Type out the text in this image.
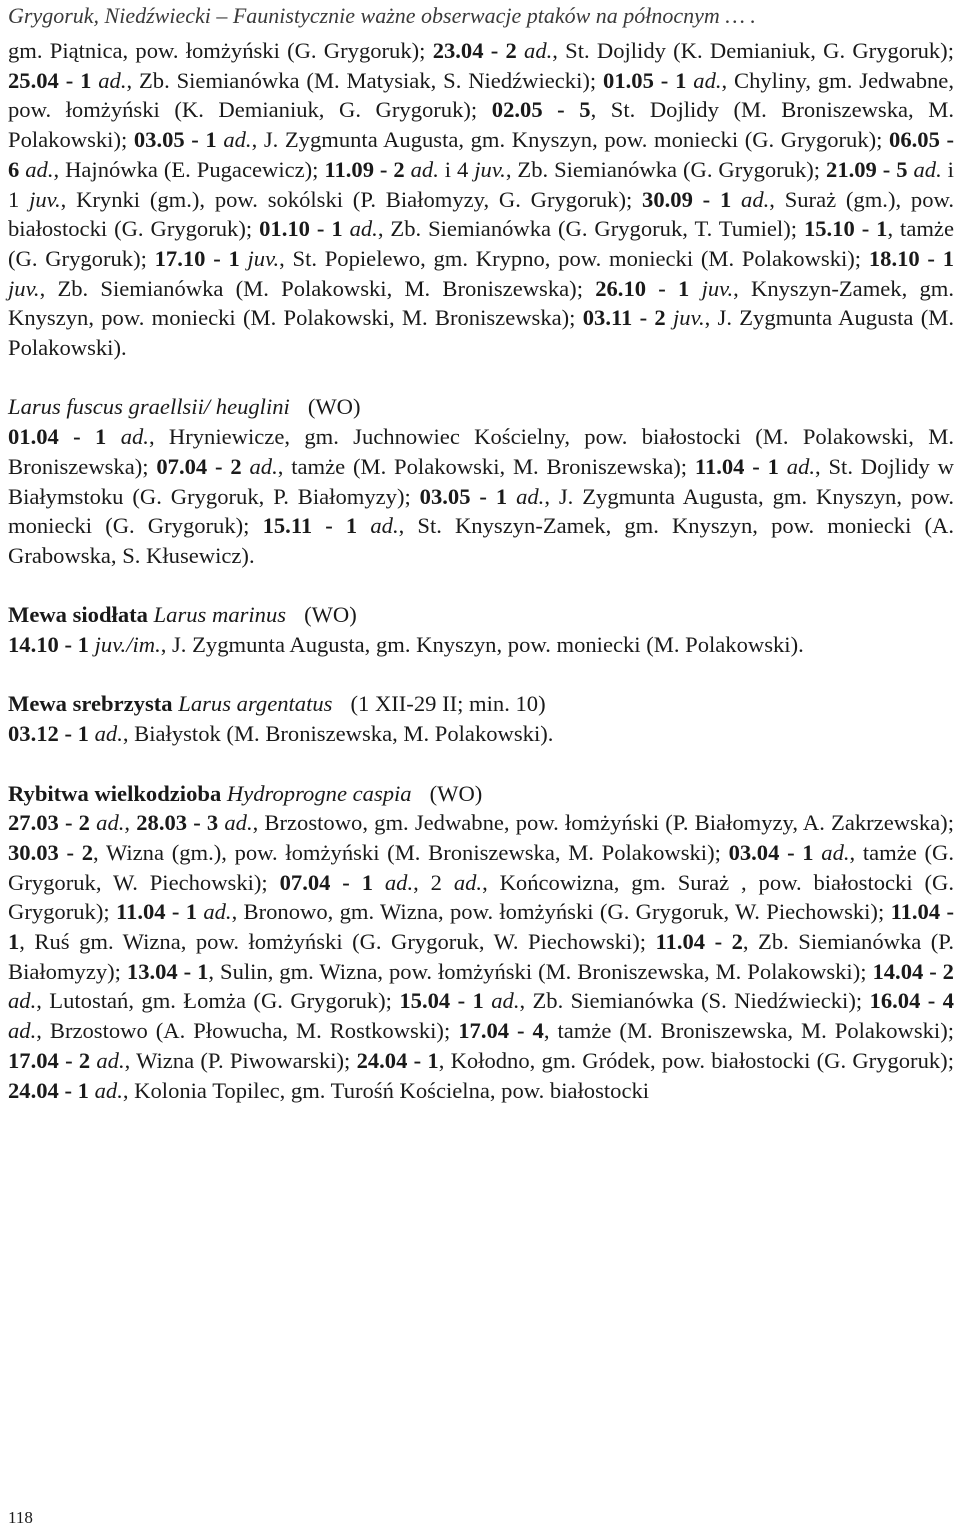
Grygoruk, Niedźwiecki – Faunistycznie ważne obserwacje ptaków na północnym … .

gm. Piątnica, pow. łomżyński (G. Grygoruk); 23.04 - 2 ad., St. Dojlidy (K. Demianiuk, G. Grygoruk); 25.04 - 1 ad., Zb. Siemianówka (M. Matysiak, S. Niedźwiecki); 01.05 - 1 ad., Chyliny, gm. Jedwabne, pow. łomżyński (K. Demianiuk, G. Grygoruk); 02.05 - 5, St. Dojlidy (M. Broniszewska, M. Polakowski); 03.05 - 1 ad., J. Zygmunta Augusta, gm. Knyszyn, pow. moniecki (G. Grygoruk); 06.05 - 6 ad., Hajnówka (E. Pugacewicz); 11.09 - 2 ad. i 4 juv., Zb. Siemianówka (G. Grygoruk); 21.09 - 5 ad. i 1 juv., Krynki (gm.), pow. sokólski (P. Białomyzy, G. Grygoruk); 30.09 - 1 ad., Suraż (gm.), pow. białostocki (G. Grygoruk); 01.10 - 1 ad., Zb. Siemianówka (G. Grygoruk, T. Tumiel); 15.10 - 1, tamże (G. Grygoruk); 17.10 - 1 juv., St. Popielewo, gm. Krypno, pow. moniecki (M. Polakowski); 18.10 - 1 juv., Zb. Siemianówka (M. Polakowski, M. Broniszewska); 26.10 - 1 juv., Knyszyn-Zamek, gm. Knyszyn, pow. moniecki (M. Polakowski, M. Broniszewska); 03.11 - 2 juv., J. Zygmunta Augusta (M. Polakowski).

Larus fuscus graellsii/ heuglini (WO)

01.04 - 1 ad., Hryniewicze, gm. Juchnowiec Kościelny, pow. białostocki (M. Polakowski, M. Broniszewska); 07.04 - 2 ad., tamże (M. Polakowski, M. Broniszewska); 11.04 - 1 ad., St. Dojlidy w Białymstoku (G. Grygoruk, P. Białomyzy); 03.05 - 1 ad., J. Zygmunta Augusta, gm. Knyszyn, pow. moniecki (G. Grygoruk); 15.11 - 1 ad., St. Knyszyn-Zamek, gm. Knyszyn, pow. moniecki (A. Grabowska, S. Kłusewicz).

Mewa siodłata Larus marinus (WO)

14.10 - 1 juv./im., J. Zygmunta Augusta, gm. Knyszyn, pow. moniecki (M. Polakowski).

Mewa srebrzysta Larus argentatus (1 XII-29 II; min. 10)

03.12 - 1 ad., Białystok (M. Broniszewska, M. Polakowski).

Rybitwa wielkodzioba Hydroprogne caspia (WO)

27.03 - 2 ad., 28.03 - 3 ad., Brzostowo, gm. Jedwabne, pow. łomżyński (P. Białomyzy, A. Zakrzewska); 30.03 - 2, Wizna (gm.), pow. łomżyński (M. Broniszewska, M. Polakowski); 03.04 - 1 ad., tamże (G. Grygoruk, W. Piechowski); 07.04 - 1 ad., 2 ad., Końcowizna, gm. Suraż , pow. białostocki (G. Grygoruk); 11.04 - 1 ad., Bronowo, gm. Wizna, pow. łomżyński (G. Grygoruk, W. Piechowski); 11.04 - 1, Ruś gm. Wizna, pow. łomżyński (G. Grygoruk, W. Piechowski); 11.04 - 2, Zb. Siemianówka (P. Białomyzy); 13.04 - 1, Sulin, gm. Wizna, pow. łomżyński (M. Broniszewska, M. Polakowski); 14.04 - 2 ad., Lutostań, gm. Łomża (G. Grygoruk); 15.04 - 1 ad., Zb. Siemianówka (S. Niedźwiecki); 16.04 - 4 ad., Brzostowo (A. Płowucha, M. Rostkowski); 17.04 - 4, tamże (M. Broniszewska, M. Polakowski); 17.04 - 2 ad., Wizna (P. Piwowarski); 24.04 - 1, Kołodno, gm. Gródek, pow. białostocki (G. Grygoruk); 24.04 - 1 ad., Kolonia Topilec, gm. Turośń Kościelna, pow. białostocki

118
